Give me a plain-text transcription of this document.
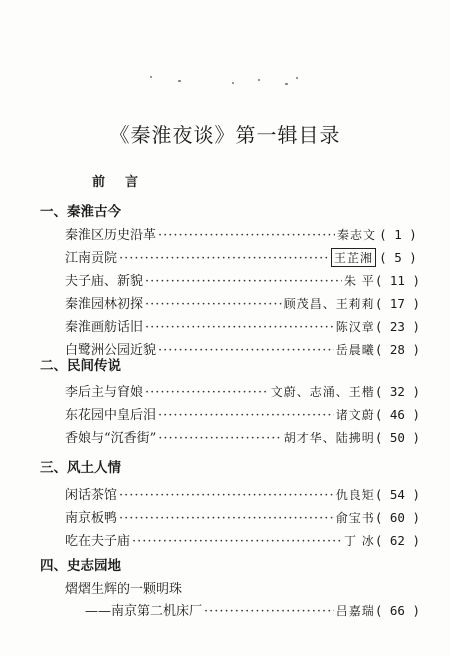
《秦淮夜谈》第一辑目录
前言
一、秦淮古今
秦淮区历史沿革 ·····	秦志文	( 1 )
江南贡院 ·····	王芷湘	( 5 )
夫子庙、新貌 ·····	朱 平	( 11 )
秦淮园林初探 ·····	顾茂昌、王莉莉	( 17 )
秦淮画舫话旧 ·····	陈汉章	( 23 )
白鹭洲公园近貌 ·····	岳晨曦	( 28 )
二、民间传说
李后主与窅娘 ·····	文蔚、志涌、王楷	( 32 )
东花园中皇后泪 ·····	诸文蔚	( 46 )
香娘与“沉香街” ·····	胡才华、陆拂明	( 50 )
三、风土人情
闲话茶馆 ·····	仇良矩	( 54 )
南京板鸭 ·····	俞宝书	( 60 )
吃在夫子庙 ·····	丁 冰	( 62 )
四、史志园地
熠熠生辉的一颗明珠
——南京第二机床厂 ·····	吕嘉瑞	( 66 )
